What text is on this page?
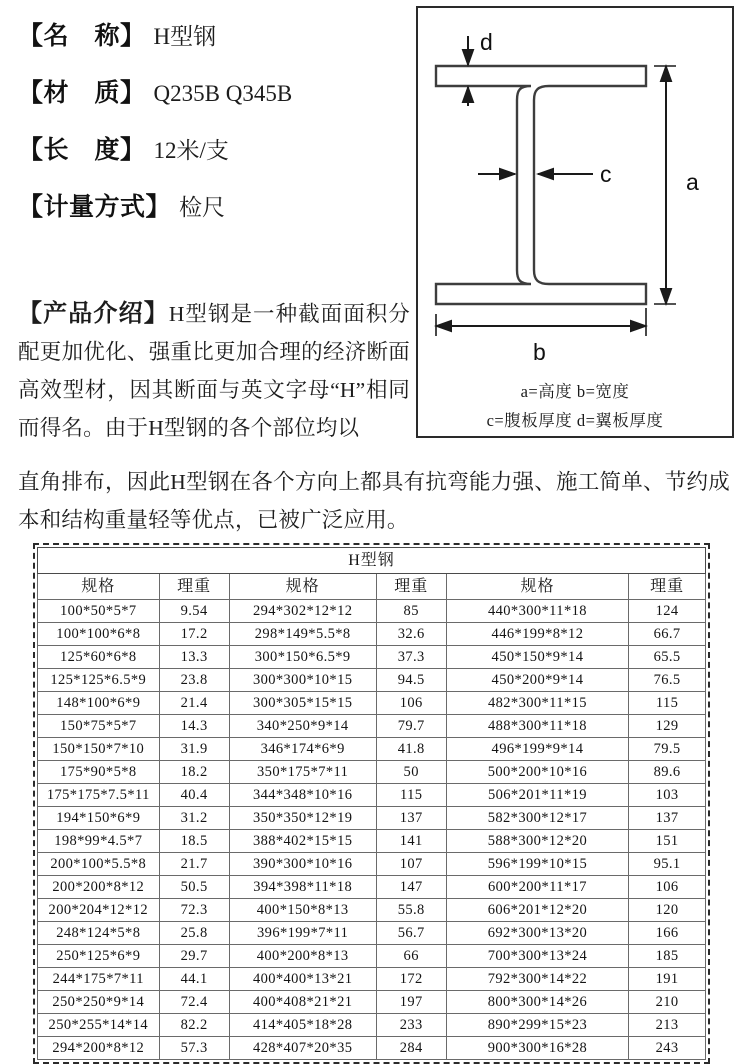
【名　称】 H型钢
【材　质】 Q235B Q345B
【长　度】 12米/支
【计量方式】 检尺

【产品介绍】H型钢是一种截面面积分配更加优化、强重比更加合理的经济断面高效型材，因其断面与英文字母“H”相同而得名。由于H型钢的各个部位均以

直角排布，因此H型钢在各个方向上都具有抗弯能力强、施工简单、节约成本和结构重量轻等优点，已被广泛应用。
d
c	a
b
a=高度 b=宽度
c=腹板厚度 d=翼板厚度
H型钢					
规格	理重	规格	理重	规格	理重
100*50*5*7	9.54	294*302*12*12	85	440*300*11*18	124
100*100*6*8	17.2	298*149*5.5*8	32.6	446*199*8*12	66.7
125*60*6*8	13.3	300*150*6.5*9	37.3	450*150*9*14	65.5
125*125*6.5*9	23.8	300*300*10*15	94.5	450*200*9*14	76.5
148*100*6*9	21.4	300*305*15*15	106	482*300*11*15	115
150*75*5*7	14.3	340*250*9*14	79.7	488*300*11*18	129
150*150*7*10	31.9	346*174*6*9	41.8	496*199*9*14	79.5
175*90*5*8	18.2	350*175*7*11	50	500*200*10*16	89.6
175*175*7.5*11	40.4	344*348*10*16	115	506*201*11*19	103
194*150*6*9	31.2	350*350*12*19	137	582*300*12*17	137
198*99*4.5*7	18.5	388*402*15*15	141	588*300*12*20	151
200*100*5.5*8	21.7	390*300*10*16	107	596*199*10*15	95.1
200*200*8*12	50.5	394*398*11*18	147	600*200*11*17	106
200*204*12*12	72.3	400*150*8*13	55.8	606*201*12*20	120
248*124*5*8	25.8	396*199*7*11	56.7	692*300*13*20	166
250*125*6*9	29.7	400*200*8*13	66	700*300*13*24	185
244*175*7*11	44.1	400*400*13*21	172	792*300*14*22	191
250*250*9*14	72.4	400*408*21*21	197	800*300*14*26	210
250*255*14*14	82.2	414*405*18*28	233	890*299*15*23	213
294*200*8*12	57.3	428*407*20*35	284	900*300*16*28	243
